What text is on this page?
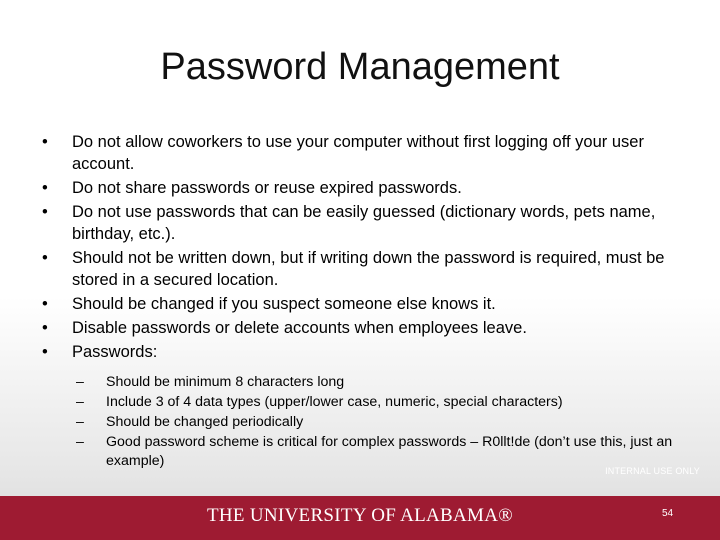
Password Management
• Do not allow coworkers to use your computer without first logging off your user account.
• Do not share passwords or reuse expired passwords.
• Do not use passwords that can be easily guessed (dictionary words, pets name, birthday, etc.).
• Should not be written down, but if writing down the password is required, must be stored in a secured location.
• Should be changed if you suspect someone else knows it.
• Disable passwords or delete accounts when employees leave.
• Passwords:
– Should be minimum 8 characters long
– Include 3 of 4 data types (upper/lower case, numeric, special characters)
– Should be changed periodically
– Good password scheme is critical for complex passwords – R0llt!de (don’t use this, just an example)
INTERNAL USE ONLY
THE UNIVERSITY OF ALABAMA®	54
